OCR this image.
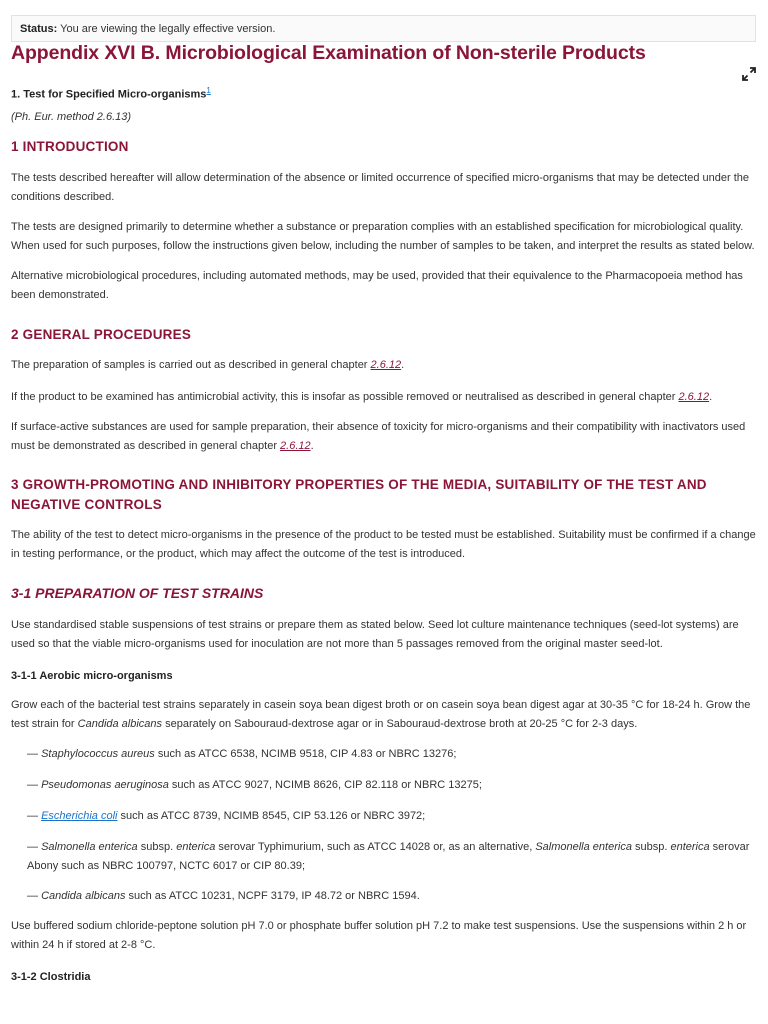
Status: You are viewing the legally effective version.
Appendix XVI B. Microbiological Examination of Non-sterile Products
1. Test for Specified Micro-organisms$^1$
(Ph. Eur. method 2.6.13)
1 INTRODUCTION

The tests described hereafter will allow determination of the absence or limited occurrence of specified micro-organisms that may be detected under the conditions described.

The tests are designed primarily to determine whether a substance or preparation complies with an established specification for microbiological quality. When used for such purposes, follow the instructions given below, including the number of samples to be taken, and interpret the results as stated below.

Alternative microbiological procedures, including automated methods, may be used, provided that their equivalence to the Pharmacopoeia method has been demonstrated.

2 GENERAL PROCEDURES

The preparation of samples is carried out as described in general chapter 2.6.12.

If the product to be examined has antimicrobial activity, this is insofar as possible removed or neutralised as described in general chapter 2.6.12.

If surface-active substances are used for sample preparation, their absence of toxicity for micro-organisms and their compatibility with inactivators used must be demonstrated as described in general chapter 2.6.12.

3 GROWTH-PROMOTING AND INHIBITORY PROPERTIES OF THE MEDIA, SUITABILITY OF THE TEST AND NEGATIVE CONTROLS

The ability of the test to detect micro-organisms in the presence of the product to be tested must be established. Suitability must be confirmed if a change in testing performance, or the product, which may affect the outcome of the test is introduced.

3-1 PREPARATION OF TEST STRAINS

Use standardised stable suspensions of test strains or prepare them as stated below. Seed lot culture maintenance techniques (seed-lot systems) are used so that the viable micro-organisms used for inoculation are not more than 5 passages removed from the original master seed-lot.

3-1-1 Aerobic micro-organisms

Grow each of the bacterial test strains separately in casein soya bean digest broth or on casein soya bean digest agar at 30-35 °C for 18-24 h. Grow the test strain for Candida albicans separately on Sabouraud-dextrose agar or in Sabouraud-dextrose broth at 20-25 °C for 2-3 days.

— Staphylococcus aureus such as ATCC 6538, NCIMB 9518, CIP 4.83 or NBRC 13276;

— Pseudomonas aeruginosa such as ATCC 9027, NCIMB 8626, CIP 82.118 or NBRC 13275;

— Escherichia coli such as ATCC 8739, NCIMB 8545, CIP 53.126 or NBRC 3972;

— Salmonella enterica subsp. enterica serovar Typhimurium, such as ATCC 14028 or, as an alternative, Salmonella enterica subsp. enterica serovar Abony such as NBRC 100797, NCTC 6017 or CIP 80.39;

— Candida albicans such as ATCC 10231, NCPF 3179, IP 48.72 or NBRC 1594.

Use buffered sodium chloride-peptone solution pH 7.0 or phosphate buffer solution pH 7.2 to make test suspensions. Use the suspensions within 2 h or within 24 h if stored at 2-8 °C.

3-1-2 Clostridia
